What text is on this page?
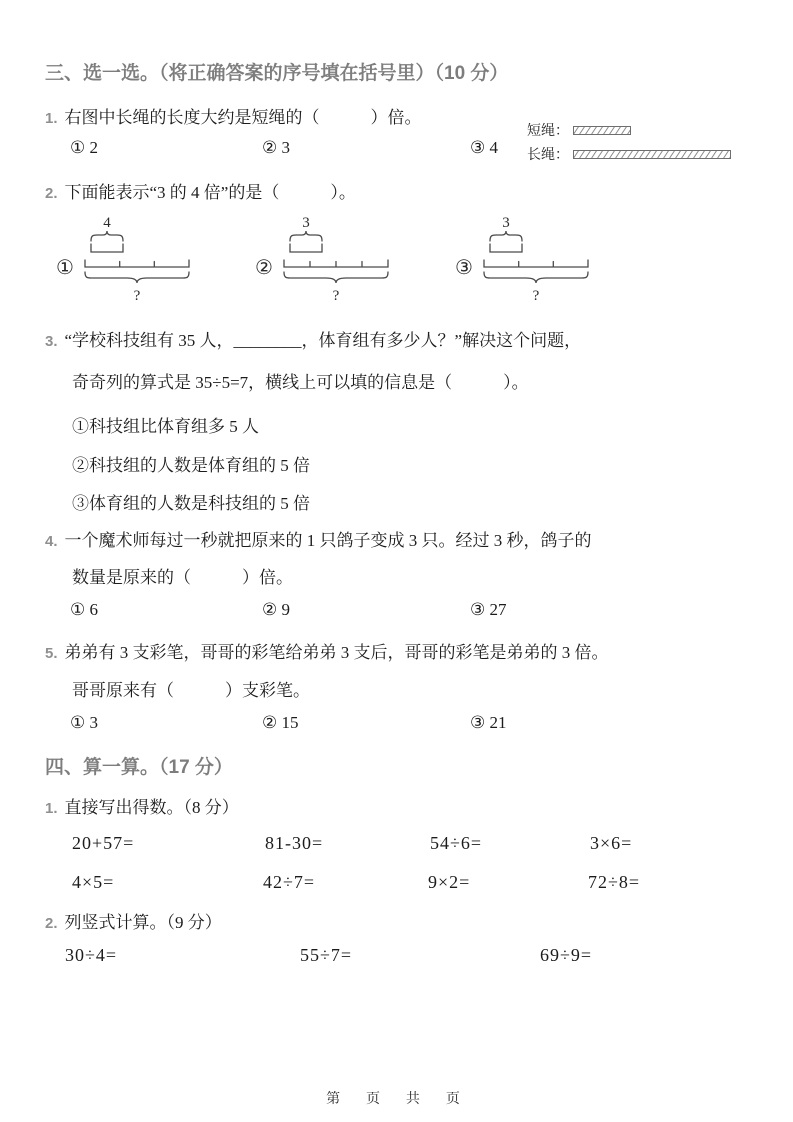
三、选一选。（将正确答案的序号填在括号里）（10 分）
1. 右图中长绳的长度大约是短绳的（　　　）倍。
短绳：
长绳：
① 2	② 3	③ 4
2. 下面能表示“3 的 4 倍”的是（　　　）。
①
4
?
②
3
?
③
3
?
3. “学校科技组有 35 人，________，体育组有多少人？”解决这个问题，
奇奇列的算式是 35÷5=7，横线上可以填的信息是（　　　）。
①科技组比体育组多 5 人
②科技组的人数是体育组的 5 倍
③体育组的人数是科技组的 5 倍
4. 一个魔术师每过一秒就把原来的 1 只鸽子变成 3 只。经过 3 秒，鸽子的
数量是原来的（　　　）倍。
① 6	② 9	③ 27
5. 弟弟有 3 支彩笔，哥哥的彩笔给弟弟 3 支后，哥哥的彩笔是弟弟的 3 倍。
哥哥原来有（　　　）支彩笔。
① 3	② 15	③ 21
四、算一算。（17 分）
1. 直接写出得数。（8 分）
20+57=	81-30=	54÷6=	3×6=
4×5=	42÷7=	9×2=	72÷8=
2. 列竖式计算。（9 分）
30÷4=	55÷7=	69÷9=
第 页 共 页
